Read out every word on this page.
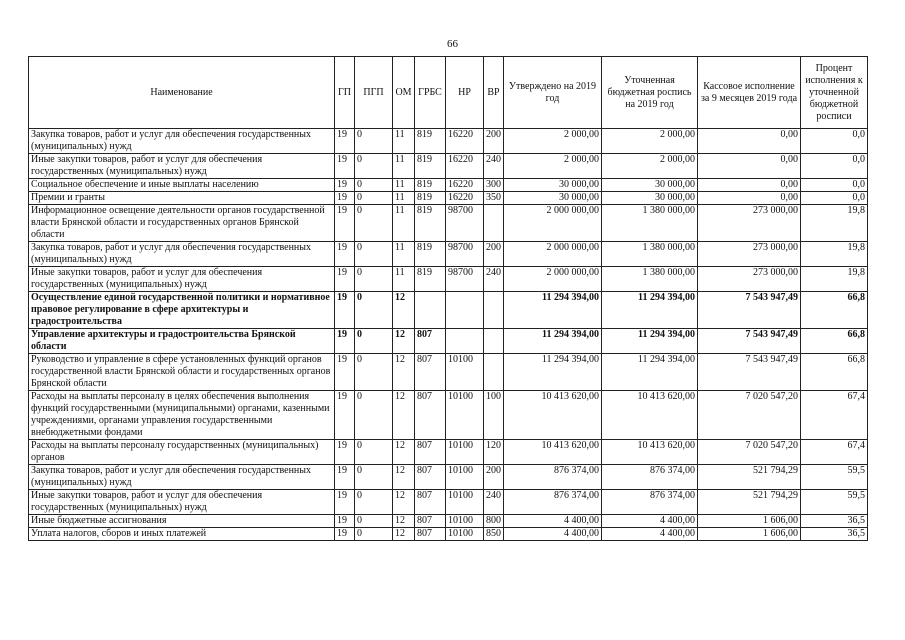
66
Наименование	ГП	ПГП	ОМ	ГРБС	НР	ВР	Утверждено на 2019 год	Уточненная бюджетная роспись на 2019 год	Кассовое исполнение за 9 месяцев 2019 года	Процент исполнения к уточненной бюджетной росписи
Закупка товаров, работ и услуг для обеспечения государственных (муниципальных) нужд	19	0	11	819	16220	200	2 000,00	2 000,00	0,00	0,0
Иные закупки товаров, работ и услуг для обеспечения государственных (муниципальных) нужд	19	0	11	819	16220	240	2 000,00	2 000,00	0,00	0,0
Социальное обеспечение и иные выплаты населению	19	0	11	819	16220	300	30 000,00	30 000,00	0,00	0,0
Премии и гранты	19	0	11	819	16220	350	30 000,00	30 000,00	0,00	0,0
Информационное освещение деятельности органов государственной власти Брянской области и государственных органов Брянской области	19	0	11	819	98700		2 000 000,00	1 380 000,00	273 000,00	19,8
Закупка товаров, работ и услуг для обеспечения государственных (муниципальных) нужд	19	0	11	819	98700	200	2 000 000,00	1 380 000,00	273 000,00	19,8
Иные закупки товаров, работ и услуг для обеспечения государственных (муниципальных) нужд	19	0	11	819	98700	240	2 000 000,00	1 380 000,00	273 000,00	19,8
Осуществление единой государственной политики и нормативное правовое регулирование в сфере архитектуры и градостроительства	19	0	12				11 294 394,00	11 294 394,00	7 543 947,49	66,8
Управление архитектуры и градостроительства Брянской области	19	0	12	807			11 294 394,00	11 294 394,00	7 543 947,49	66,8
Руководство и управление в сфере установленных функций органов государственной власти Брянской области и государственных органов Брянской области	19	0	12	807	10100		11 294 394,00	11 294 394,00	7 543 947,49	66,8
Расходы на выплаты персоналу в целях обеспечения выполнения функций государственными (муниципальными) органами, казенными учреждениями, органами управления государственными внебюджетными фондами	19	0	12	807	10100	100	10 413 620,00	10 413 620,00	7 020 547,20	67,4
Расходы на выплаты персоналу государственных (муниципальных) органов	19	0	12	807	10100	120	10 413 620,00	10 413 620,00	7 020 547,20	67,4
Закупка товаров, работ и услуг для обеспечения государственных (муниципальных) нужд	19	0	12	807	10100	200	876 374,00	876 374,00	521 794,29	59,5
Иные закупки товаров, работ и услуг для обеспечения государственных (муниципальных) нужд	19	0	12	807	10100	240	876 374,00	876 374,00	521 794,29	59,5
Иные бюджетные ассигнования	19	0	12	807	10100	800	4 400,00	4 400,00	1 606,00	36,5
Уплата налогов, сборов и иных платежей	19	0	12	807	10100	850	4 400,00	4 400,00	1 606,00	36,5
